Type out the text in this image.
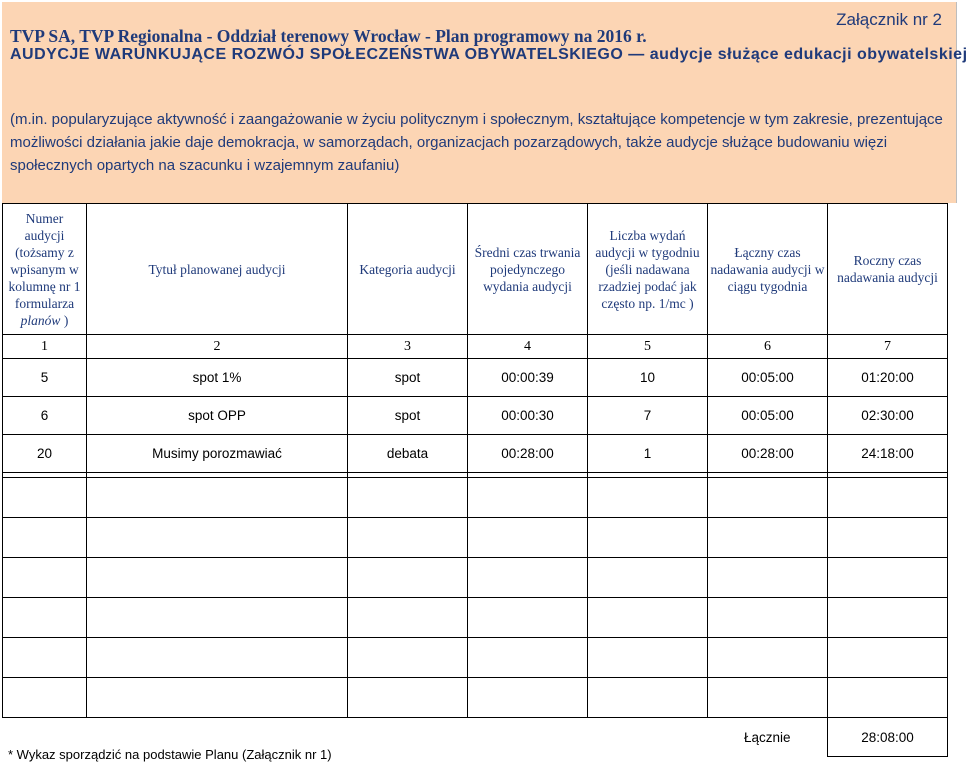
TVP SA, TVP Regionalna - Oddział terenowy Wrocław - Plan programowy na 2016 r.
Załącznik nr 2
AUDYCJE WARUNKUJĄCE ROZWÓJ SPOŁECZEŃSTWA OBYWATELSKIEGO — audycje służące edukacji obywatelskiej
(m.in. popularyzujące aktywność i zaangażowanie w życiu politycznym i społecznym, kształtujące kompetencje w tym zakresie, prezentujące możliwości działania jakie daje demokracja, w samorządach, organizacjach pozarządowych, także audycje służące budowaniu więzi społecznych opartych na szacunku i wzajemnym zaufaniu)
Numer audycji (tożsamy z wpisanym w kolumnę nr 1 formularza planów )	Tytuł planowanej audycji	Kategoria audycji	Średni czas trwania pojedynczego wydania audycji	Liczba wydań audycji w tygodniu (jeśli nadawana rzadziej podać jak często np. 1/mc )	Łączny czas nadawania audycji w ciągu tygodnia	Roczny czas nadawania audycji
1	2	3	4	5	6	7
5	spot 1%	spot	00:00:39	10	00:05:00	01:20:00
6	spot OPP	spot	00:00:30	7	00:05:00	02:30:00
20	Musimy porozmawiać	debata	00:28:00	1	00:28:00	24:18:00

					Łącznie	28:08:00
* Wykaz sporządzić na podstawie Planu (Załącznik nr 1)
